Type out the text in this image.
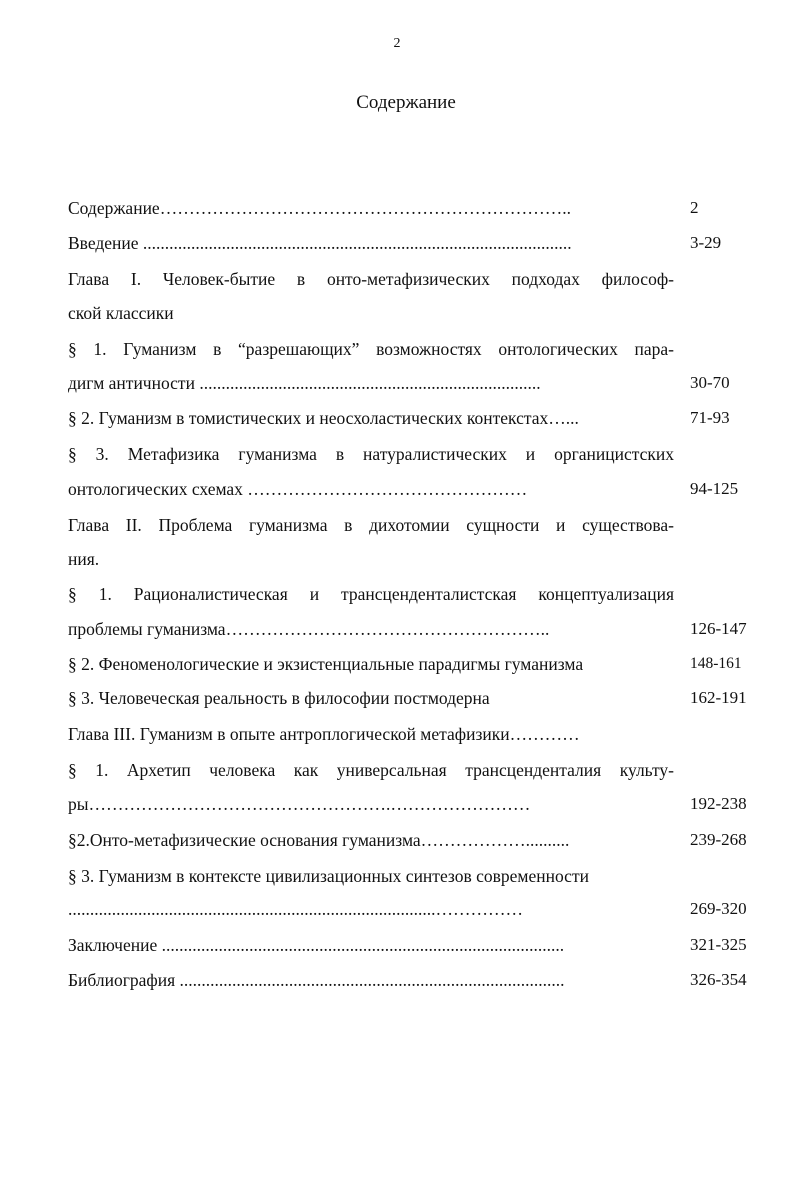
2
Содержание
Содержание……………………………………………………………..	2
Введение ..................................................................................................	3-29
Глава I. Человек-бытие в онто-метафизических подходах философ-
ской классики
§ 1. Гуманизм в “разрешающих” возможностях онтологических пара-
дигм античности ..............................................................................	30-70
§ 2. Гуманизм в томистических и неосхоластических контекстах…...	71-93
§ 3. Метафизика гуманизма в натуралистических и органицистских
онтологических схемах …………………………………………	94-125
Глава II. Проблема гуманизма в дихотомии сущности и существова-
ния.
§ 1. Рационалистическая и трансценденталистская концептуализация
проблемы гуманизма………………………………………………..	126-147
§ 2. Феноменологические и экзистенциальные парадигмы гуманизма	148-161
§ 3. Человеческая реальность в философии постмодерна	162-191
Глава III. Гуманизм в опыте антроплогической метафизики…………
§ 1. Архетип человека как универсальная трансценденталия культу-
ры…………………………………………….……………………	192-238
§2.Онто-метафизические основания гуманизма………………..........	239-268
§ 3. Гуманизм в контексте цивилизационных синтезов современности
....................................................................................……………	269-320
Заключение ............................................................................................	321-325
Библиография ........................................................................................	326-354
